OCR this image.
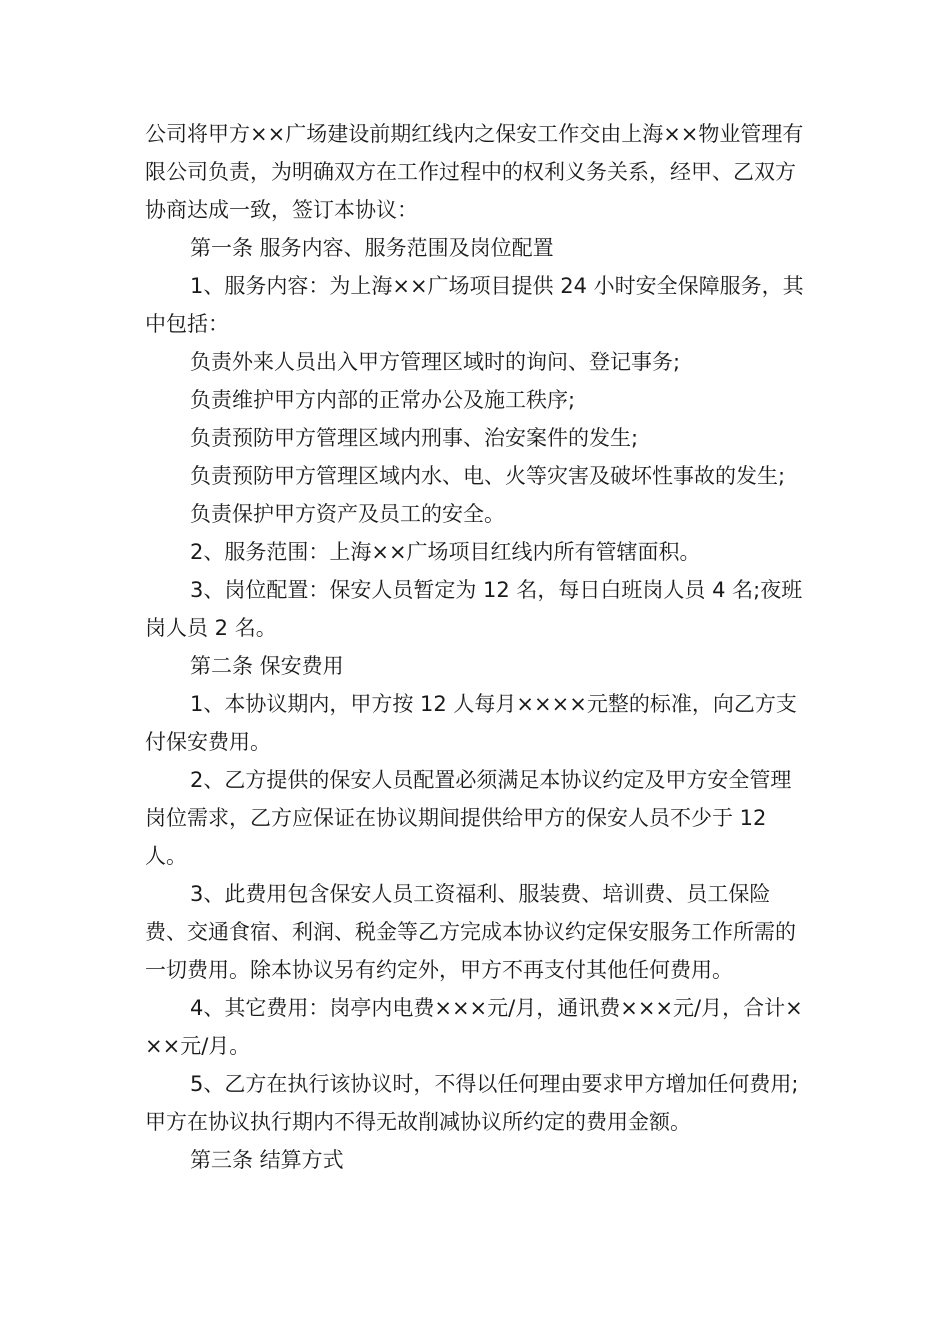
公司将甲方××广场建设前期红线内之保安工作交由上海××物业管理有限公司负责，为明确双方在工作过程中的权利义务关系，经甲、乙双方协商达成一致，签订本协议：

第一条 服务内容、服务范围及岗位配置

1、服务内容：为上海××广场项目提供 24 小时安全保障服务，其中包括：

负责外来人员出入甲方管理区域时的询问、登记事务;

负责维护甲方内部的正常办公及施工秩序;

负责预防甲方管理区域内刑事、治安案件的发生;

负责预防甲方管理区域内水、电、火等灾害及破坏性事故的发生;

负责保护甲方资产及员工的安全。

2、服务范围：上海××广场项目红线内所有管辖面积。

3、岗位配置：保安人员暂定为 12 名，每日白班岗人员 4 名;夜班岗人员 2 名。

第二条 保安费用

1、本协议期内，甲方按 12 人每月××××元整的标准，向乙方支付保安费用。

2、乙方提供的保安人员配置必须满足本协议约定及甲方安全管理岗位需求，乙方应保证在协议期间提供给甲方的保安人员不少于 12 人。

3、此费用包含保安人员工资福利、服装费、培训费、员工保险费、交通食宿、利润、税金等乙方完成本协议约定保安服务工作所需的一切费用。除本协议另有约定外，甲方不再支付其他任何费用。

4、其它费用：岗亭内电费×××元/月，通讯费×××元/月，合计×××元/月。

5、乙方在执行该协议时，不得以任何理由要求甲方增加任何费用;甲方在协议执行期内不得无故削减协议所约定的费用金额。

第三条 结算方式
